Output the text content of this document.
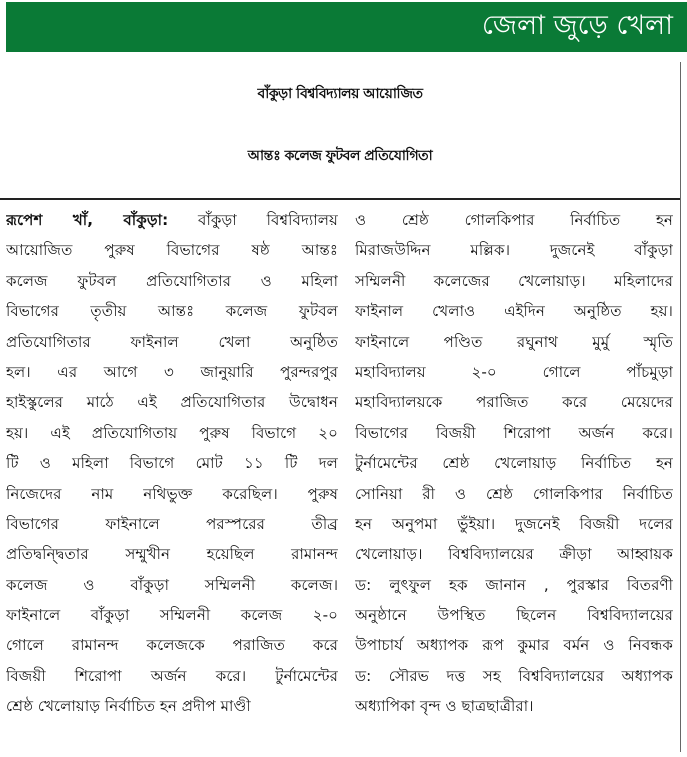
জেলা জুড়ে খেলা
বাঁকুড়া বিশ্ববিদ্যালয় আয়োজিত
আন্তঃ কলেজ ফুটবল প্রতিযোগিতা
রূপেশ খাঁ, বাঁকুড়া: বাঁকুড়া বিশ্ববিদ্যালয়
আয়োজিত পুরুষ বিভাগের ষষ্ঠ আন্তঃ
কলেজ ফুটবল প্রতিযোগিতার ও মহিলা
বিভাগের তৃতীয় আন্তঃ কলেজ ফুটবল
প্রতিযোগিতার ফাইনাল খেলা অনুষ্ঠিত
হল। এর আগে ৩ জানুয়ারি পুরন্দরপুর
হাইস্কুলের মাঠে এই প্রতিযোগিতার উদ্বোধন
হয়। এই প্রতিযোগিতায় পুরুষ বিভাগে ২০
টি ও মহিলা বিভাগে মোট ১১ টি দল
নিজেদের নাম নথিভুক্ত করেছিল। পুরুষ
বিভাগের ফাইনালে পরস্পরের তীব্র
প্রতিদ্বন্দ্বিতার সম্মুখীন হয়েছিল রামানন্দ
কলেজ ও বাঁকুড়া সম্মিলনী কলেজ।
ফাইনালে বাঁকুড়া সম্মিলনী কলেজ ২-০
গোলে রামানন্দ কলেজকে পরাজিত করে
বিজয়ী শিরোপা অর্জন করে। টুর্নামেন্টের
শ্রেষ্ঠ খেলোয়াড় নির্বাচিত হন প্রদীপ মাণ্ডী
ও শ্রেষ্ঠ গোলকিপার নির্বাচিত হন
মিরাজউদ্দিন মল্লিক। দুজনেই বাঁকুড়া
সম্মিলনী কলেজের খেলোয়াড়। মহিলাদের
ফাইনাল খেলাও এইদিন অনুষ্ঠিত হয়।
ফাইনালে পণ্ডিত রঘুনাথ মুর্মু স্মৃতি
মহাবিদ্যালয় ২-০ গোলে পাঁচমুড়া
মহাবিদ্যালয়কে পরাজিত করে মেয়েদের
বিভাগের বিজয়ী শিরোপা অর্জন করে।
টুর্নামেন্টের শ্রেষ্ঠ খেলোয়াড় নির্বাচিত হন
সোনিয়া রী ও শ্রেষ্ঠ গোলকিপার নির্বাচিত
হন অনুপমা ভুঁইয়া। দুজনেই বিজয়ী দলের
খেলোয়াড়। বিশ্ববিদ্যালয়ের ক্রীড়া আহ্বায়ক
ড: লুৎফুল হক জানান , পুরস্কার বিতরণী
অনুষ্ঠানে উপস্থিত ছিলেন বিশ্ববিদ্যালয়ের
উপাচার্য অধ্যাপক রূপ কুমার বর্মন ও নিবন্ধক
ড: সৌরভ দত্ত সহ বিশ্ববিদ্যালয়ের অধ্যাপক
অধ্যাপিকা বৃন্দ ও ছাত্রছাত্রীরা।
